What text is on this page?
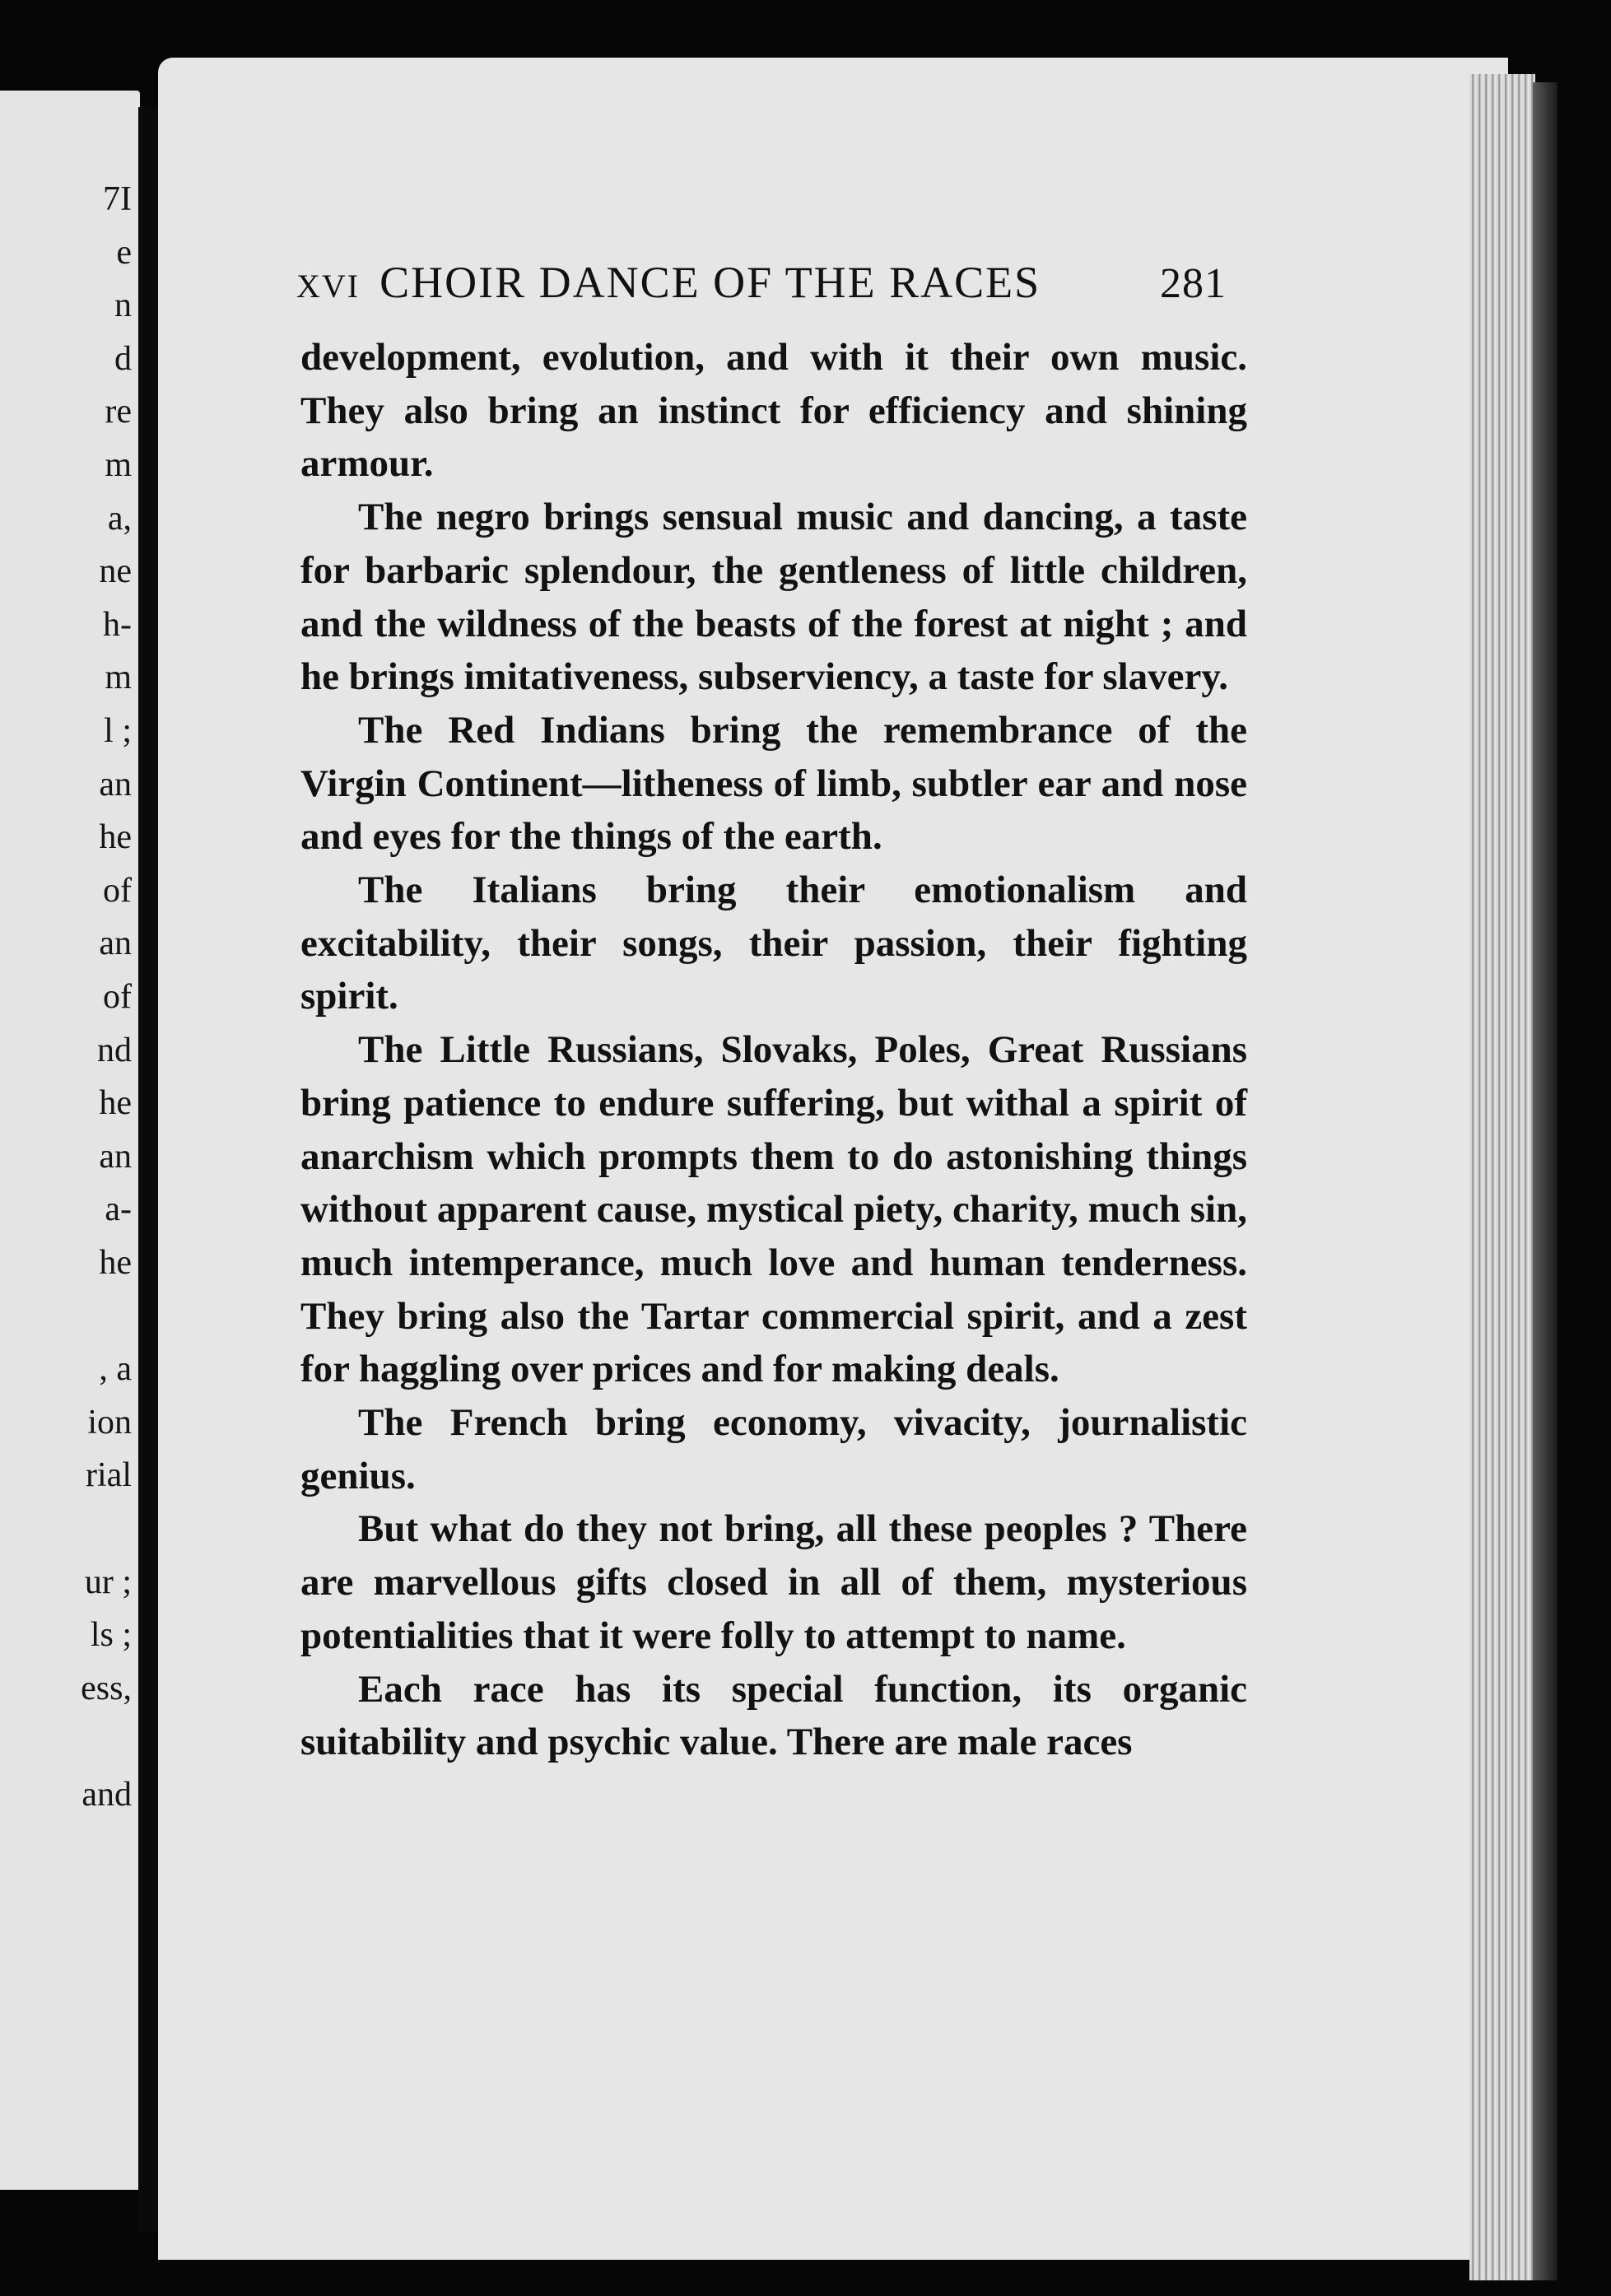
7I
e
n
d
re
m
a,
ne
h-
m
l ;
an
he
of
an
of
nd
he
an
a-
he
, a
ion
rial
ur ;
ls ;
ess,
and
XVI CHOIR DANCE OF THE RACES	281

development, evolution, and with it their own music. They also bring an instinct for efficiency and shining armour.

The negro brings sensual music and dancing, a taste for barbaric splendour, the gentleness of little children, and the wildness of the beasts of the forest at night ; and he brings imitativeness, subserviency, a taste for slavery.

The Red Indians bring the remembrance of the Virgin Continent—litheness of limb, subtler ear and nose and eyes for the things of the earth.

The Italians bring their emotionalism and excitability, their songs, their passion, their fighting spirit.

The Little Russians, Slovaks, Poles, Great Russians bring patience to endure suffering, but withal a spirit of anarchism which prompts them to do astonishing things without apparent cause, mystical piety, charity, much sin, much intemperance, much love and human tenderness. They bring also the Tartar commercial spirit, and a zest for haggling over prices and for making deals.

The French bring economy, vivacity, journalistic genius.

But what do they not bring, all these peoples ? There are marvellous gifts closed in all of them, mysterious potentialities that it were folly to attempt to name.

Each race has its special function, its organic suitability and psychic value. There are male races
